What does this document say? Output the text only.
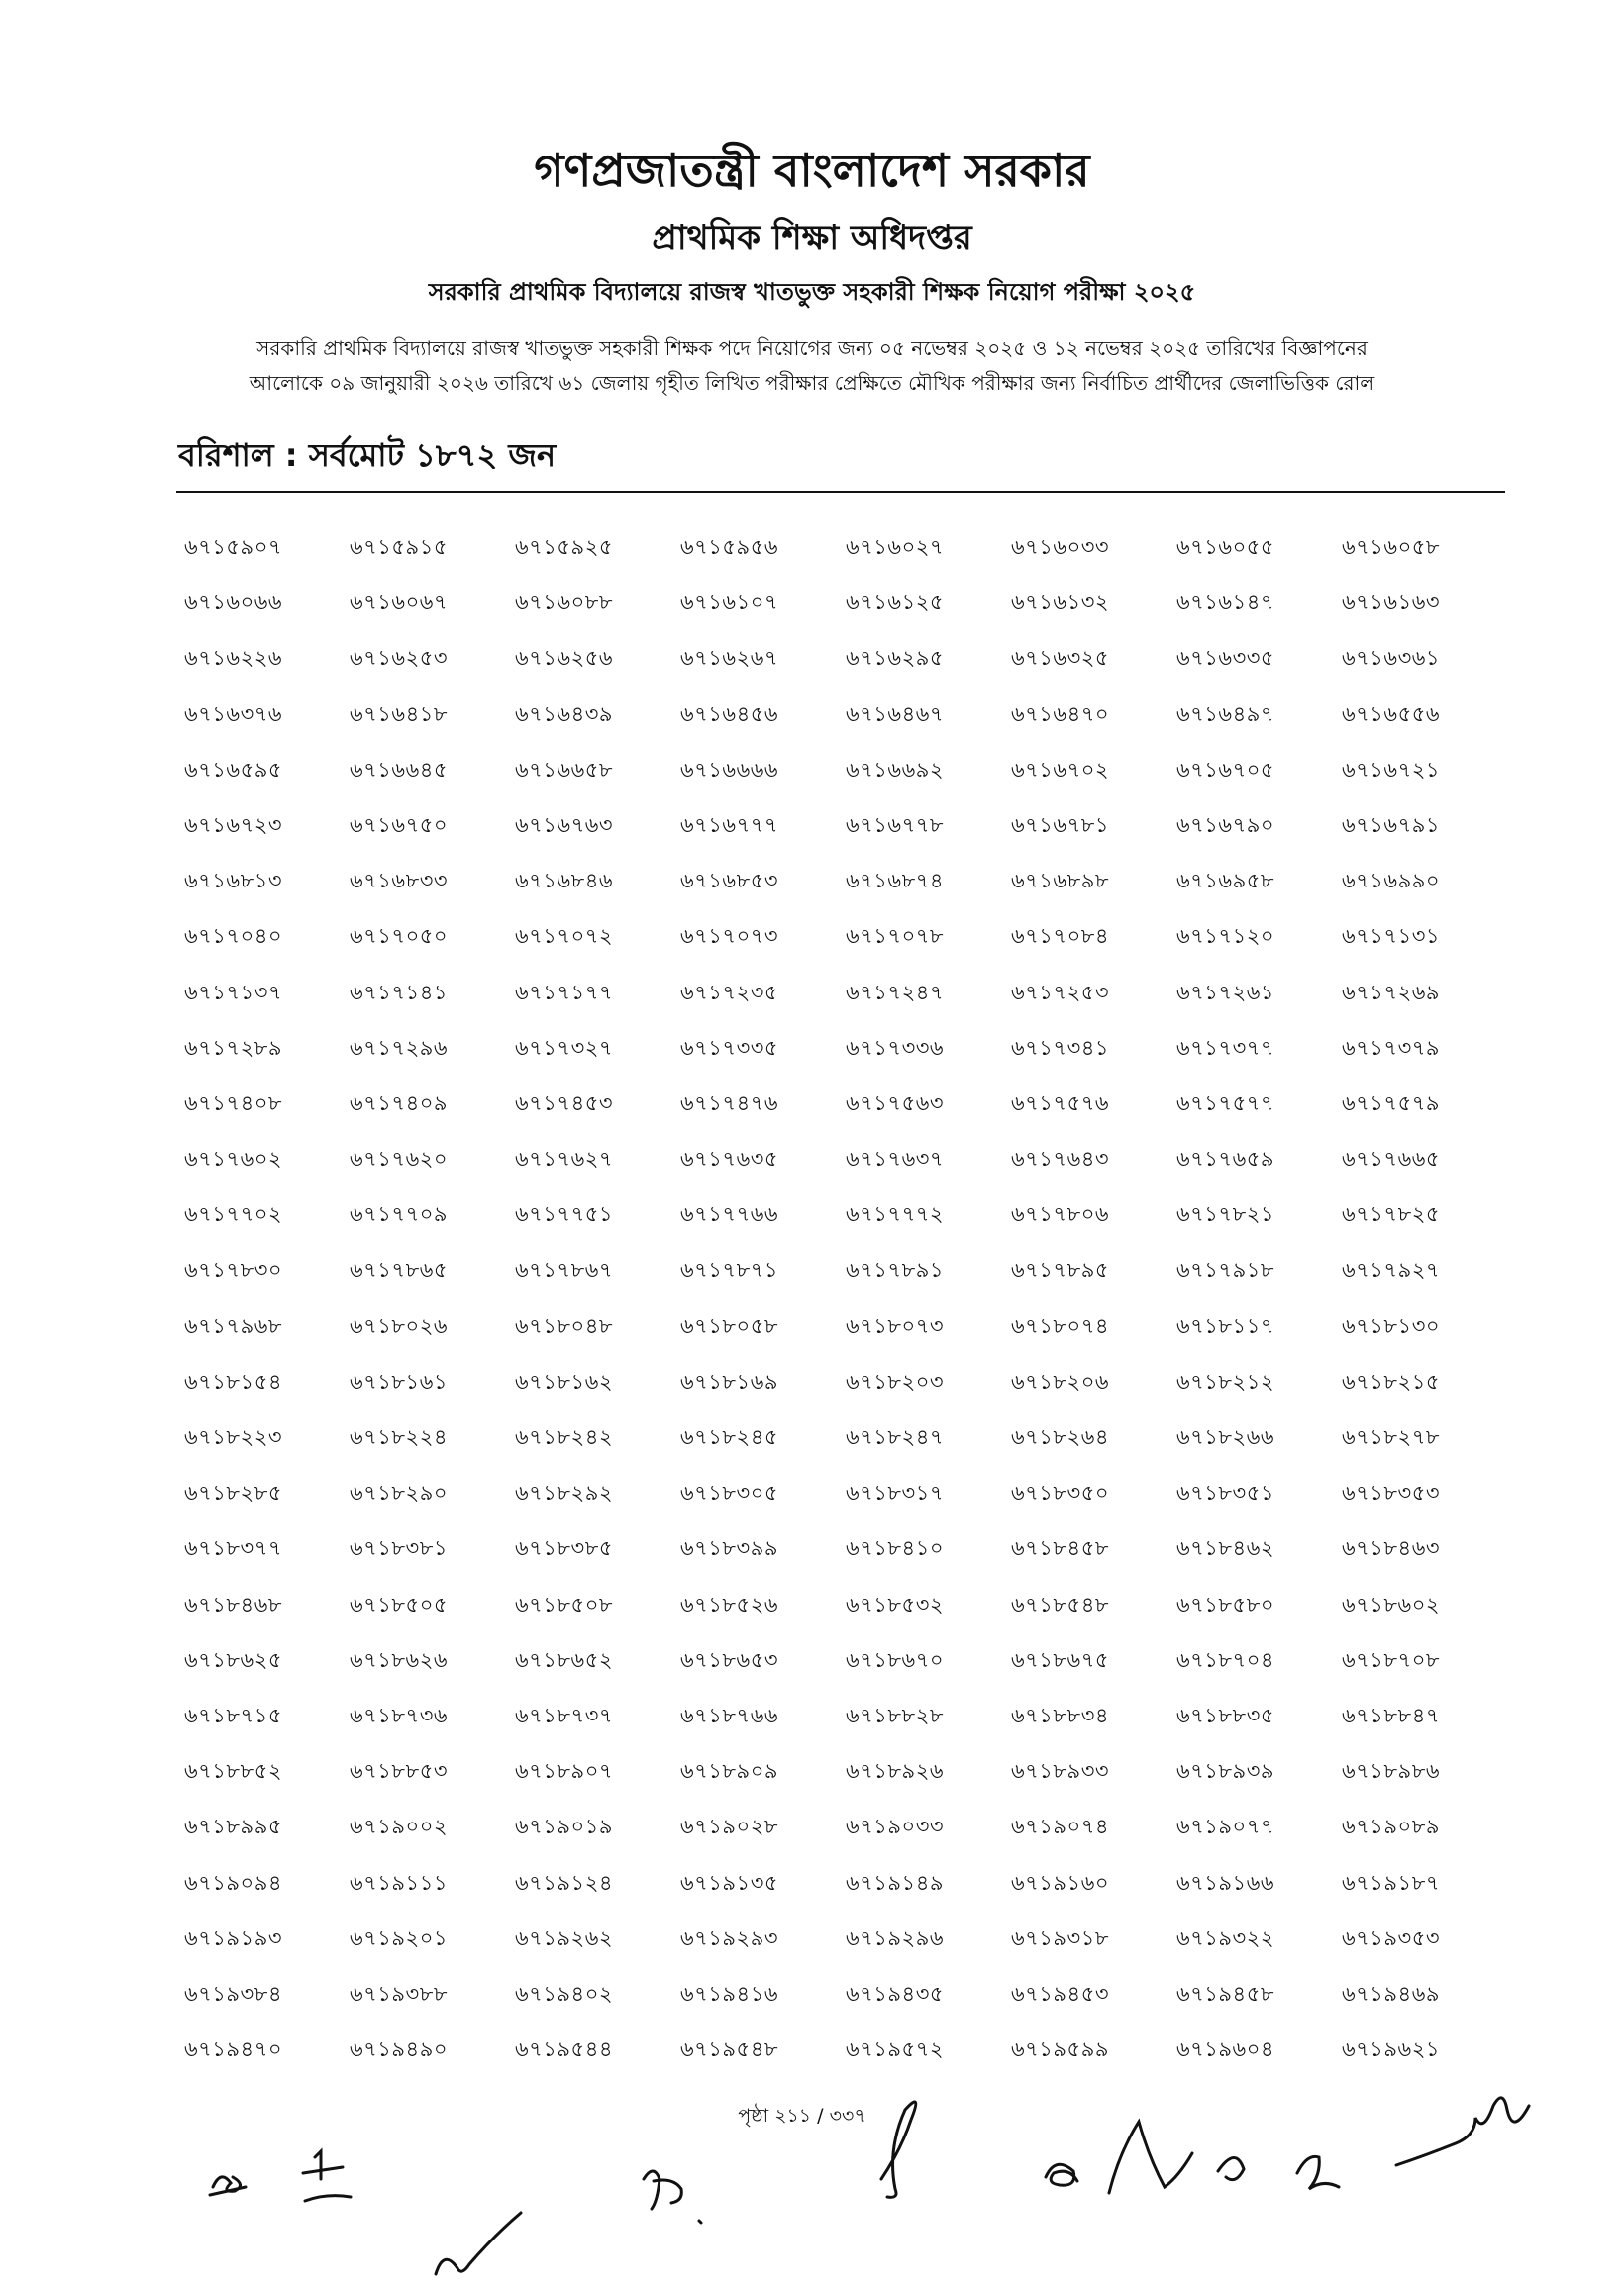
গণপ্রজাতন্ত্রী বাংলাদেশ সরকার
প্রাথমিক শিক্ষা অধিদপ্তর
সরকারি প্রাথমিক বিদ্যালয়ে রাজস্ব খাতভুক্ত সহকারী শিক্ষক নিয়োগ পরীক্ষা ২০২৫

সরকারি প্রাথমিক বিদ্যালয়ে রাজস্ব খাতভুক্ত সহকারী শিক্ষক পদে নিয়োগের জন্য ০৫ নভেম্বর ২০২৫ ও ১২ নভেম্বর ২০২৫ তারিখের বিজ্ঞাপনের
আলোকে ০৯ জানুয়ারী ২০২৬ তারিখে ৬১ জেলায় গৃহীত লিখিত পরীক্ষার প্রেক্ষিতে মৌখিক পরীক্ষার জন্য নির্বাচিত প্রার্থীদের জেলাভিত্তিক রোল

বরিশাল : সর্বমোট ১৮৭২ জন
৬৭১৫৯০৭	৬৭১৫৯১৫	৬৭১৫৯২৫	৬৭১৫৯৫৬	৬৭১৬০২৭	৬৭১৬০৩৩	৬৭১৬০৫৫	৬৭১৬০৫৮
৬৭১৬০৬৬	৬৭১৬০৬৭	৬৭১৬০৮৮	৬৭১৬১০৭	৬৭১৬১২৫	৬৭১৬১৩২	৬৭১৬১৪৭	৬৭১৬১৬৩
৬৭১৬২২৬	৬৭১৬২৫৩	৬৭১৬২৫৬	৬৭১৬২৬৭	৬৭১৬২৯৫	৬৭১৬৩২৫	৬৭১৬৩৩৫	৬৭১৬৩৬১
৬৭১৬৩৭৬	৬৭১৬৪১৮	৬৭১৬৪৩৯	৬৭১৬৪৫৬	৬৭১৬৪৬৭	৬৭১৬৪৭০	৬৭১৬৪৯৭	৬৭১৬৫৫৬
৬৭১৬৫৯৫	৬৭১৬৬৪৫	৬৭১৬৬৫৮	৬৭১৬৬৬৬	৬৭১৬৬৯২	৬৭১৬৭০২	৬৭১৬৭০৫	৬৭১৬৭২১
৬৭১৬৭২৩	৬৭১৬৭৫০	৬৭১৬৭৬৩	৬৭১৬৭৭৭	৬৭১৬৭৭৮	৬৭১৬৭৮১	৬৭১৬৭৯০	৬৭১৬৭৯১
৬৭১৬৮১৩	৬৭১৬৮৩৩	৬৭১৬৮৪৬	৬৭১৬৮৫৩	৬৭১৬৮৭৪	৬৭১৬৮৯৮	৬৭১৬৯৫৮	৬৭১৬৯৯০
৬৭১৭০৪০	৬৭১৭০৫০	৬৭১৭০৭২	৬৭১৭০৭৩	৬৭১৭০৭৮	৬৭১৭০৮৪	৬৭১৭১২০	৬৭১৭১৩১
৬৭১৭১৩৭	৬৭১৭১৪১	৬৭১৭১৭৭	৬৭১৭২৩৫	৬৭১৭২৪৭	৬৭১৭২৫৩	৬৭১৭২৬১	৬৭১৭২৬৯
৬৭১৭২৮৯	৬৭১৭২৯৬	৬৭১৭৩২৭	৬৭১৭৩৩৫	৬৭১৭৩৩৬	৬৭১৭৩৪১	৬৭১৭৩৭৭	৬৭১৭৩৭৯
৬৭১৭৪০৮	৬৭১৭৪০৯	৬৭১৭৪৫৩	৬৭১৭৪৭৬	৬৭১৭৫৬৩	৬৭১৭৫৭৬	৬৭১৭৫৭৭	৬৭১৭৫৭৯
৬৭১৭৬০২	৬৭১৭৬২০	৬৭১৭৬২৭	৬৭১৭৬৩৫	৬৭১৭৬৩৭	৬৭১৭৬৪৩	৬৭১৭৬৫৯	৬৭১৭৬৬৫
৬৭১৭৭০২	৬৭১৭৭০৯	৬৭১৭৭৫১	৬৭১৭৭৬৬	৬৭১৭৭৭২	৬৭১৭৮০৬	৬৭১৭৮২১	৬৭১৭৮২৫
৬৭১৭৮৩০	৬৭১৭৮৬৫	৬৭১৭৮৬৭	৬৭১৭৮৭১	৬৭১৭৮৯১	৬৭১৭৮৯৫	৬৭১৭৯১৮	৬৭১৭৯২৭
৬৭১৭৯৬৮	৬৭১৮০২৬	৬৭১৮০৪৮	৬৭১৮০৫৮	৬৭১৮০৭৩	৬৭১৮০৭৪	৬৭১৮১১৭	৬৭১৮১৩০
৬৭১৮১৫৪	৬৭১৮১৬১	৬৭১৮১৬২	৬৭১৮১৬৯	৬৭১৮২০৩	৬৭১৮২০৬	৬৭১৮২১২	৬৭১৮২১৫
৬৭১৮২২৩	৬৭১৮২২৪	৬৭১৮২৪২	৬৭১৮২৪৫	৬৭১৮২৪৭	৬৭১৮২৬৪	৬৭১৮২৬৬	৬৭১৮২৭৮
৬৭১৮২৮৫	৬৭১৮২৯০	৬৭১৮২৯২	৬৭১৮৩০৫	৬৭১৮৩১৭	৬৭১৮৩৫০	৬৭১৮৩৫১	৬৭১৮৩৫৩
৬৭১৮৩৭৭	৬৭১৮৩৮১	৬৭১৮৩৮৫	৬৭১৮৩৯৯	৬৭১৮৪১০	৬৭১৮৪৫৮	৬৭১৮৪৬২	৬৭১৮৪৬৩
৬৭১৮৪৬৮	৬৭১৮৫০৫	৬৭১৮৫০৮	৬৭১৮৫২৬	৬৭১৮৫৩২	৬৭১৮৫৪৮	৬৭১৮৫৮০	৬৭১৮৬০২
৬৭১৮৬২৫	৬৭১৮৬২৬	৬৭১৮৬৫২	৬৭১৮৬৫৩	৬৭১৮৬৭০	৬৭১৮৬৭৫	৬৭১৮৭০৪	৬৭১৮৭০৮
৬৭১৮৭১৫	৬৭১৮৭৩৬	৬৭১৮৭৩৭	৬৭১৮৭৬৬	৬৭১৮৮২৮	৬৭১৮৮৩৪	৬৭১৮৮৩৫	৬৭১৮৮৪৭
৬৭১৮৮৫২	৬৭১৮৮৫৩	৬৭১৮৯০৭	৬৭১৮৯০৯	৬৭১৮৯২৬	৬৭১৮৯৩৩	৬৭১৮৯৩৯	৬৭১৮৯৮৬
৬৭১৮৯৯৫	৬৭১৯০০২	৬৭১৯০১৯	৬৭১৯০২৮	৬৭১৯০৩৩	৬৭১৯০৭৪	৬৭১৯০৭৭	৬৭১৯০৮৯
৬৭১৯০৯৪	৬৭১৯১১১	৬৭১৯১২৪	৬৭১৯১৩৫	৬৭১৯১৪৯	৬৭১৯১৬০	৬৭১৯১৬৬	৬৭১৯১৮৭
৬৭১৯১৯৩	৬৭১৯২০১	৬৭১৯২৬২	৬৭১৯২৯৩	৬৭১৯২৯৬	৬৭১৯৩১৮	৬৭১৯৩২২	৬৭১৯৩৫৩
৬৭১৯৩৮৪	৬৭১৯৩৮৮	৬৭১৯৪০২	৬৭১৯৪১৬	৬৭১৯৪৩৫	৬৭১৯৪৫৩	৬৭১৯৪৫৮	৬৭১৯৪৬৯
৬৭১৯৪৭০	৬৭১৯৪৯০	৬৭১৯৫৪৪	৬৭১৯৫৪৮	৬৭১৯৫৭২	৬৭১৯৫৯৯	৬৭১৯৬০৪	৬৭১৯৬২১
পৃষ্ঠা ২১১ / ৩৩৭
